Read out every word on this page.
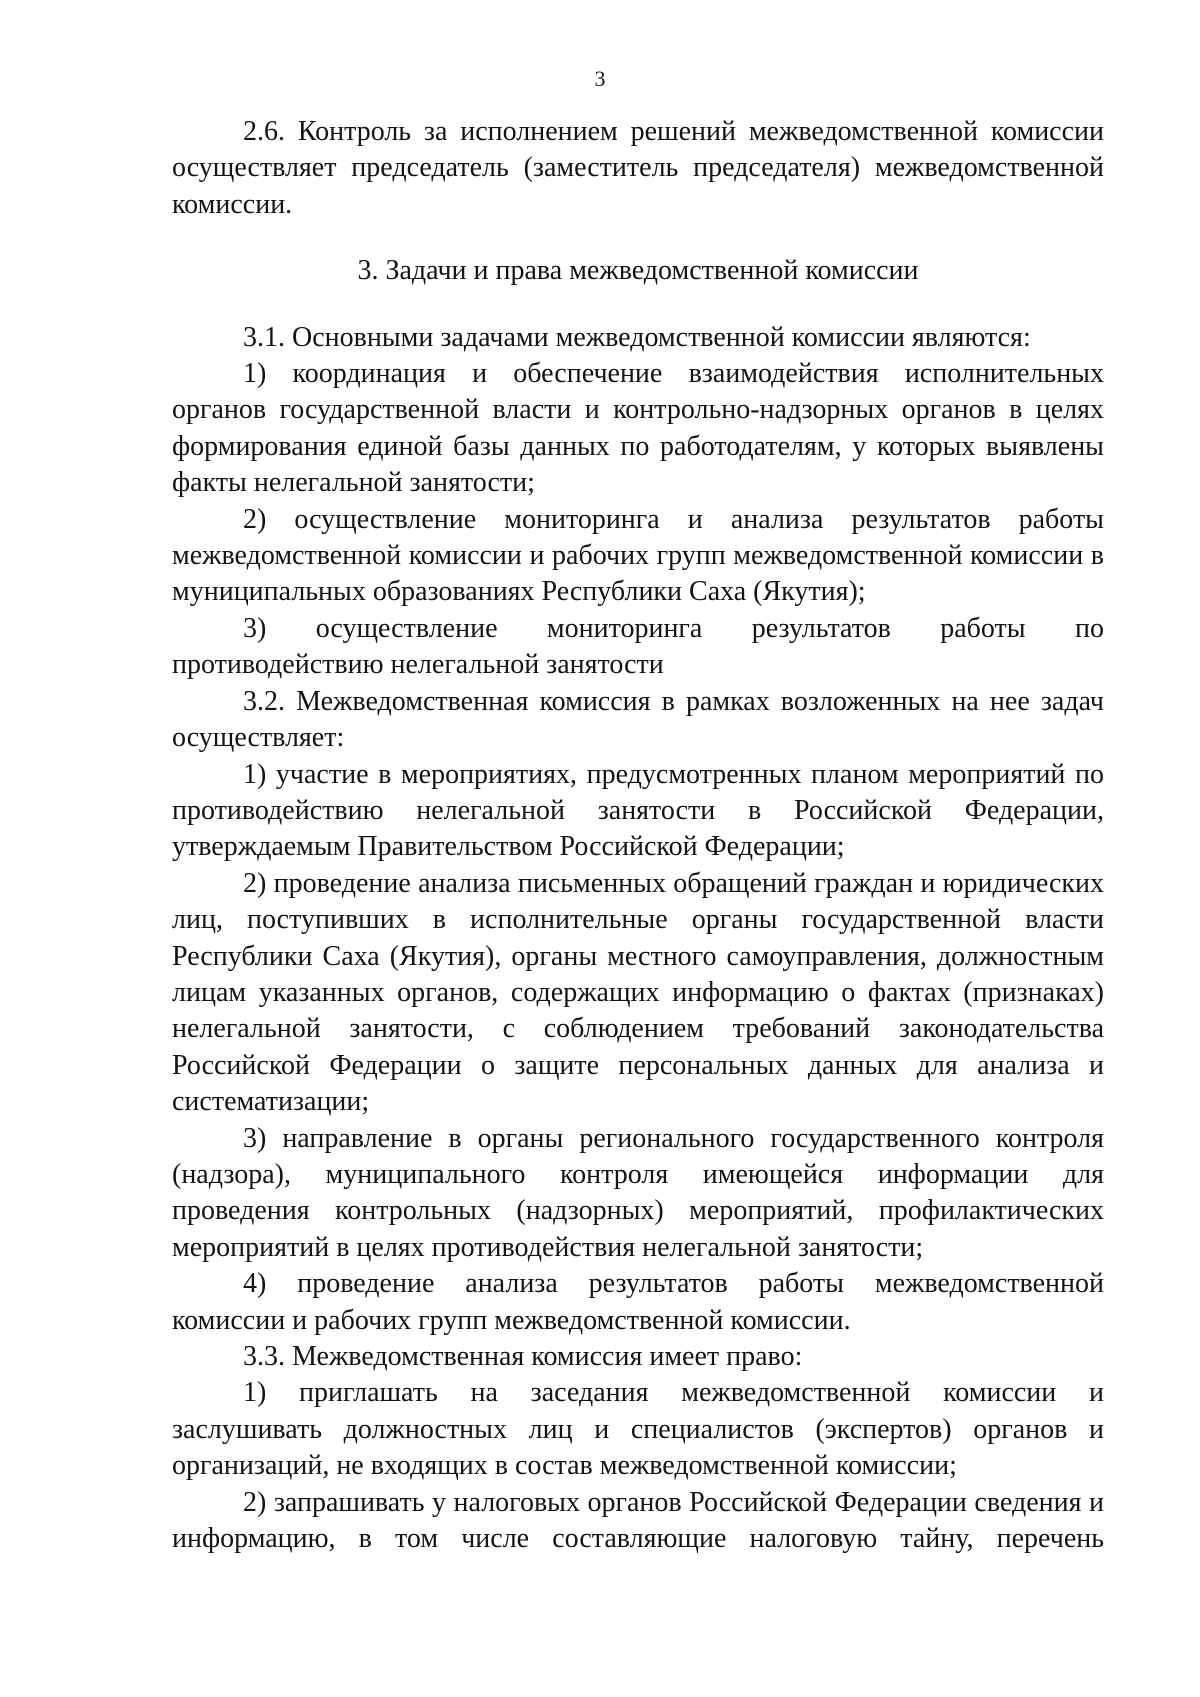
3

2.6. Контроль за исполнением решений межведомственной комиссии осуществляет председатель (заместитель председателя) межведомственной комиссии.

3. Задачи и права межведомственной комиссии

3.1. Основными задачами межведомственной комиссии являются:

1) координация и обеспечение взаимодействия исполнительных органов государственной власти и контрольно-надзорных органов в целях формирования единой базы данных по работодателям, у которых выявлены факты нелегальной занятости;

2) осуществление мониторинга и анализа результатов работы межведомственной комиссии и рабочих групп межведомственной комиссии в муниципальных образованиях Республики Саха (Якутия);

3) осуществление мониторинга результатов работы по противодействию нелегальной занятости

3.2. Межведомственная комиссия в рамках возложенных на нее задач осуществляет:

1) участие в мероприятиях, предусмотренных планом мероприятий по противодействию нелегальной занятости в Российской Федерации, утверждаемым Правительством Российской Федерации;

2) проведение анализа письменных обращений граждан и юридических лиц, поступивших в исполнительные органы государственной власти Республики Саха (Якутия), органы местного самоуправления, должностным лицам указанных органов, содержащих информацию о фактах (признаках) нелегальной занятости, с соблюдением требований законодательства Российской Федерации о защите персональных данных для анализа и систематизации;

3) направление в органы регионального государственного контроля (надзора), муниципального контроля имеющейся информации для проведения контрольных (надзорных) мероприятий, профилактических мероприятий в целях противодействия нелегальной занятости;

4) проведение анализа результатов работы межведомственной комиссии и рабочих групп межведомственной комиссии.

3.3. Межведомственная комиссия имеет право:

1) приглашать на заседания межведомственной комиссии и заслушивать должностных лиц и специалистов (экспертов) органов и организаций, не входящих в состав межведомственной комиссии;

2) запрашивать у налоговых органов Российской Федерации сведения и информацию, в том числе составляющие налоговую тайну, перечень
